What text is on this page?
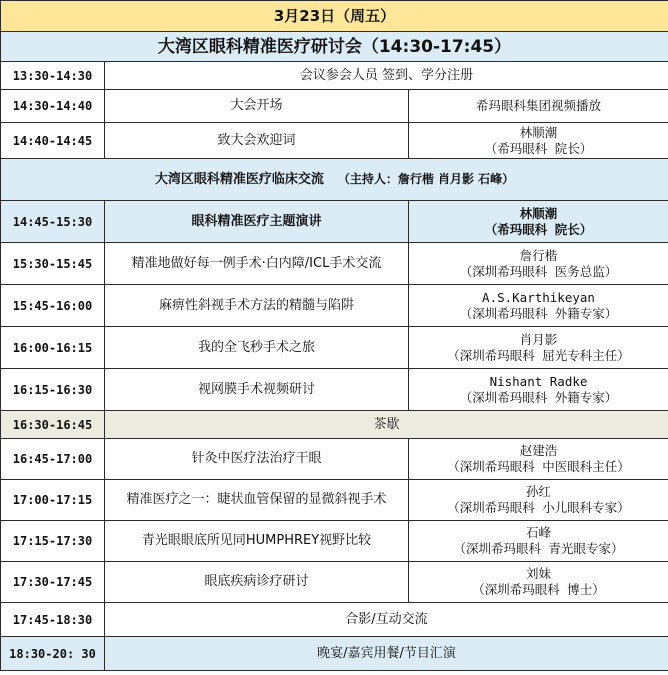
3月23日（周五）		
大湾区眼科精准医疗研讨会（14:30-17:45）		
13:30-14:30	会议参会人员 签到、学分注册	
14:30-14:40	大会开场	希玛眼科集团视频播放
14:40-14:45	致大会欢迎词	林顺潮
（希玛眼科 院长）

大湾区眼科精准医疗临床交流 （主持人：詹行楷 肖月影 石峰）		
14:45-15:30	眼科精准医疗主题演讲	林顺潮
（希玛眼科 院长）

15:30-15:45	精准地做好每一例手术·白内障/ICL手术交流	詹行楷
（深圳希玛眼科 医务总监）

15:45-16:00	麻痹性斜视手术方法的精髓与陷阱	A.S.Karthikeyan
（深圳希玛眼科 外籍专家）

16:00-16:15	我的全飞秒手术之旅	肖月影
（深圳希玛眼科 屈光专科主任）

16:15-16:30	视网膜手术视频研讨	Nishant Radke
（深圳希玛眼科 外籍专家）

16:30-16:45	茶歇	
16:45-17:00	针灸中医疗法治疗干眼	赵建浩
（深圳希玛眼科 中医眼科主任）

17:00-17:15	精准医疗之一：睫状血管保留的显微斜视手术	孙红
（深圳希玛眼科 小儿眼科专家）

17:15-17:30	青光眼眼底所见同HUMPHREY视野比较	石峰
（深圳希玛眼科 青光眼专家）

17:30-17:45	眼底疾病诊疗研讨	刘妹
（深圳希玛眼科 博士）

17:45-18:30	合影/互动交流	
18:30-20: 30	晚宴/嘉宾用餐/节目汇演	
